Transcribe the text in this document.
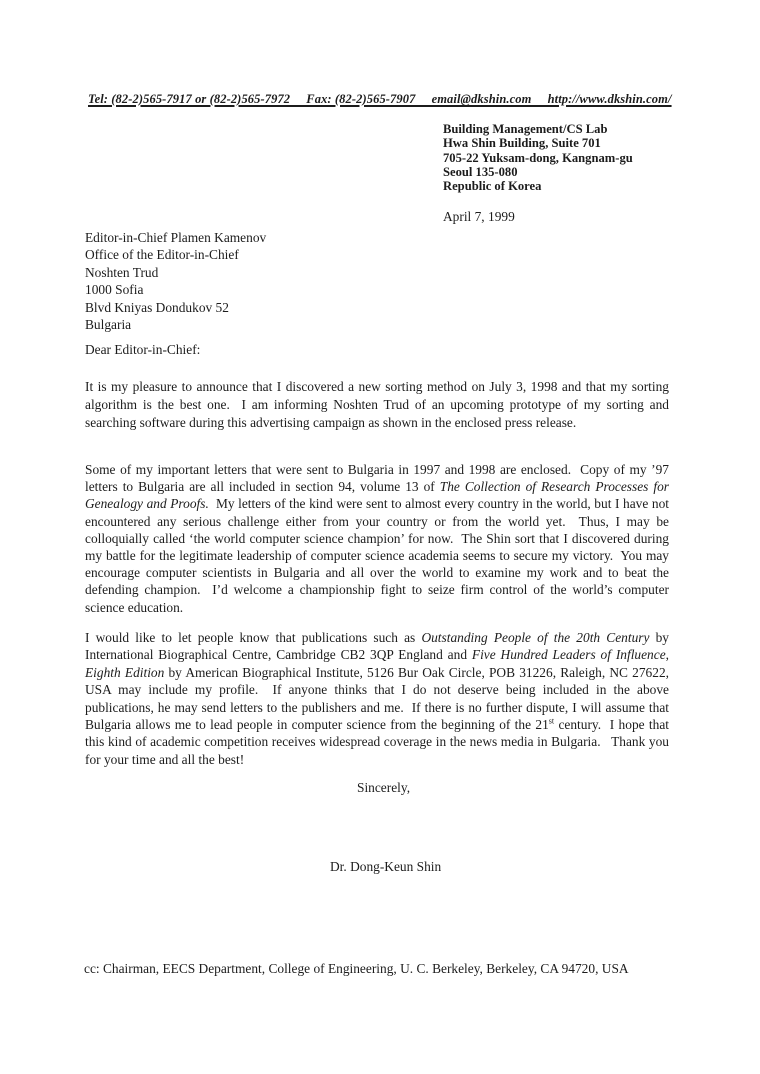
Tel: (82-2)565-7917 or (82-2)565-7972     Fax: (82-2)565-7907     email@dkshin.com     http://www.dkshin.com/
Building Management/CS Lab
Hwa Shin Building, Suite 701
705-22 Yuksam-dong, Kangnam-gu
Seoul 135-080
Republic of Korea
April 7, 1999
Editor-in-Chief Plamen Kamenov
Office of the Editor-in-Chief
Noshten Trud
1000 Sofia
Blvd Kniyas Dondukov 52
Bulgaria
Dear Editor-in-Chief:

It is my pleasure to announce that I discovered a new sorting method on July 3, 1998 and that my sorting algorithm is the best one.  I am informing Noshten Trud of an upcoming prototype of my sorting and searching software during this advertising campaign as shown in the enclosed press release.

Some of my important letters that were sent to Bulgaria in 1997 and 1998 are enclosed.  Copy of my ’97 letters to Bulgaria are all included in section 94, volume 13 of The Collection of Research Processes for Genealogy and Proofs.  My letters of the kind were sent to almost every country in the world, but I have not encountered any serious challenge either from your country or from the world yet.  Thus, I may be colloquially called ‘the world computer science champion’ for now.  The Shin sort that I discovered during my battle for the legitimate leadership of computer science academia seems to secure my victory.  You may encourage computer scientists in Bulgaria and all over the world to examine my work and to beat the defending champion.  I’d welcome a championship fight to seize firm control of the world’s computer science education.

I would like to let people know that publications such as Outstanding People of the 20th Century by International Biographical Centre, Cambridge CB2 3QP England and Five Hundred Leaders of Influence, Eighth Edition by American Biographical Institute, 5126 Bur Oak Circle, POB 31226, Raleigh, NC 27622, USA may include my profile.  If anyone thinks that I do not deserve being included in the above publications, he may send letters to the publishers and me.  If there is no further dispute, I will assume that Bulgaria allows me to lead people in computer science from the beginning of the 21st century.  I hope that this kind of academic competition receives widespread coverage in the news media in Bulgaria.   Thank you for your time and all the best!

Sincerely,
Dr. Dong-Keun Shin
cc: Chairman, EECS Department, College of Engineering, U. C. Berkeley, Berkeley, CA 94720, USA
